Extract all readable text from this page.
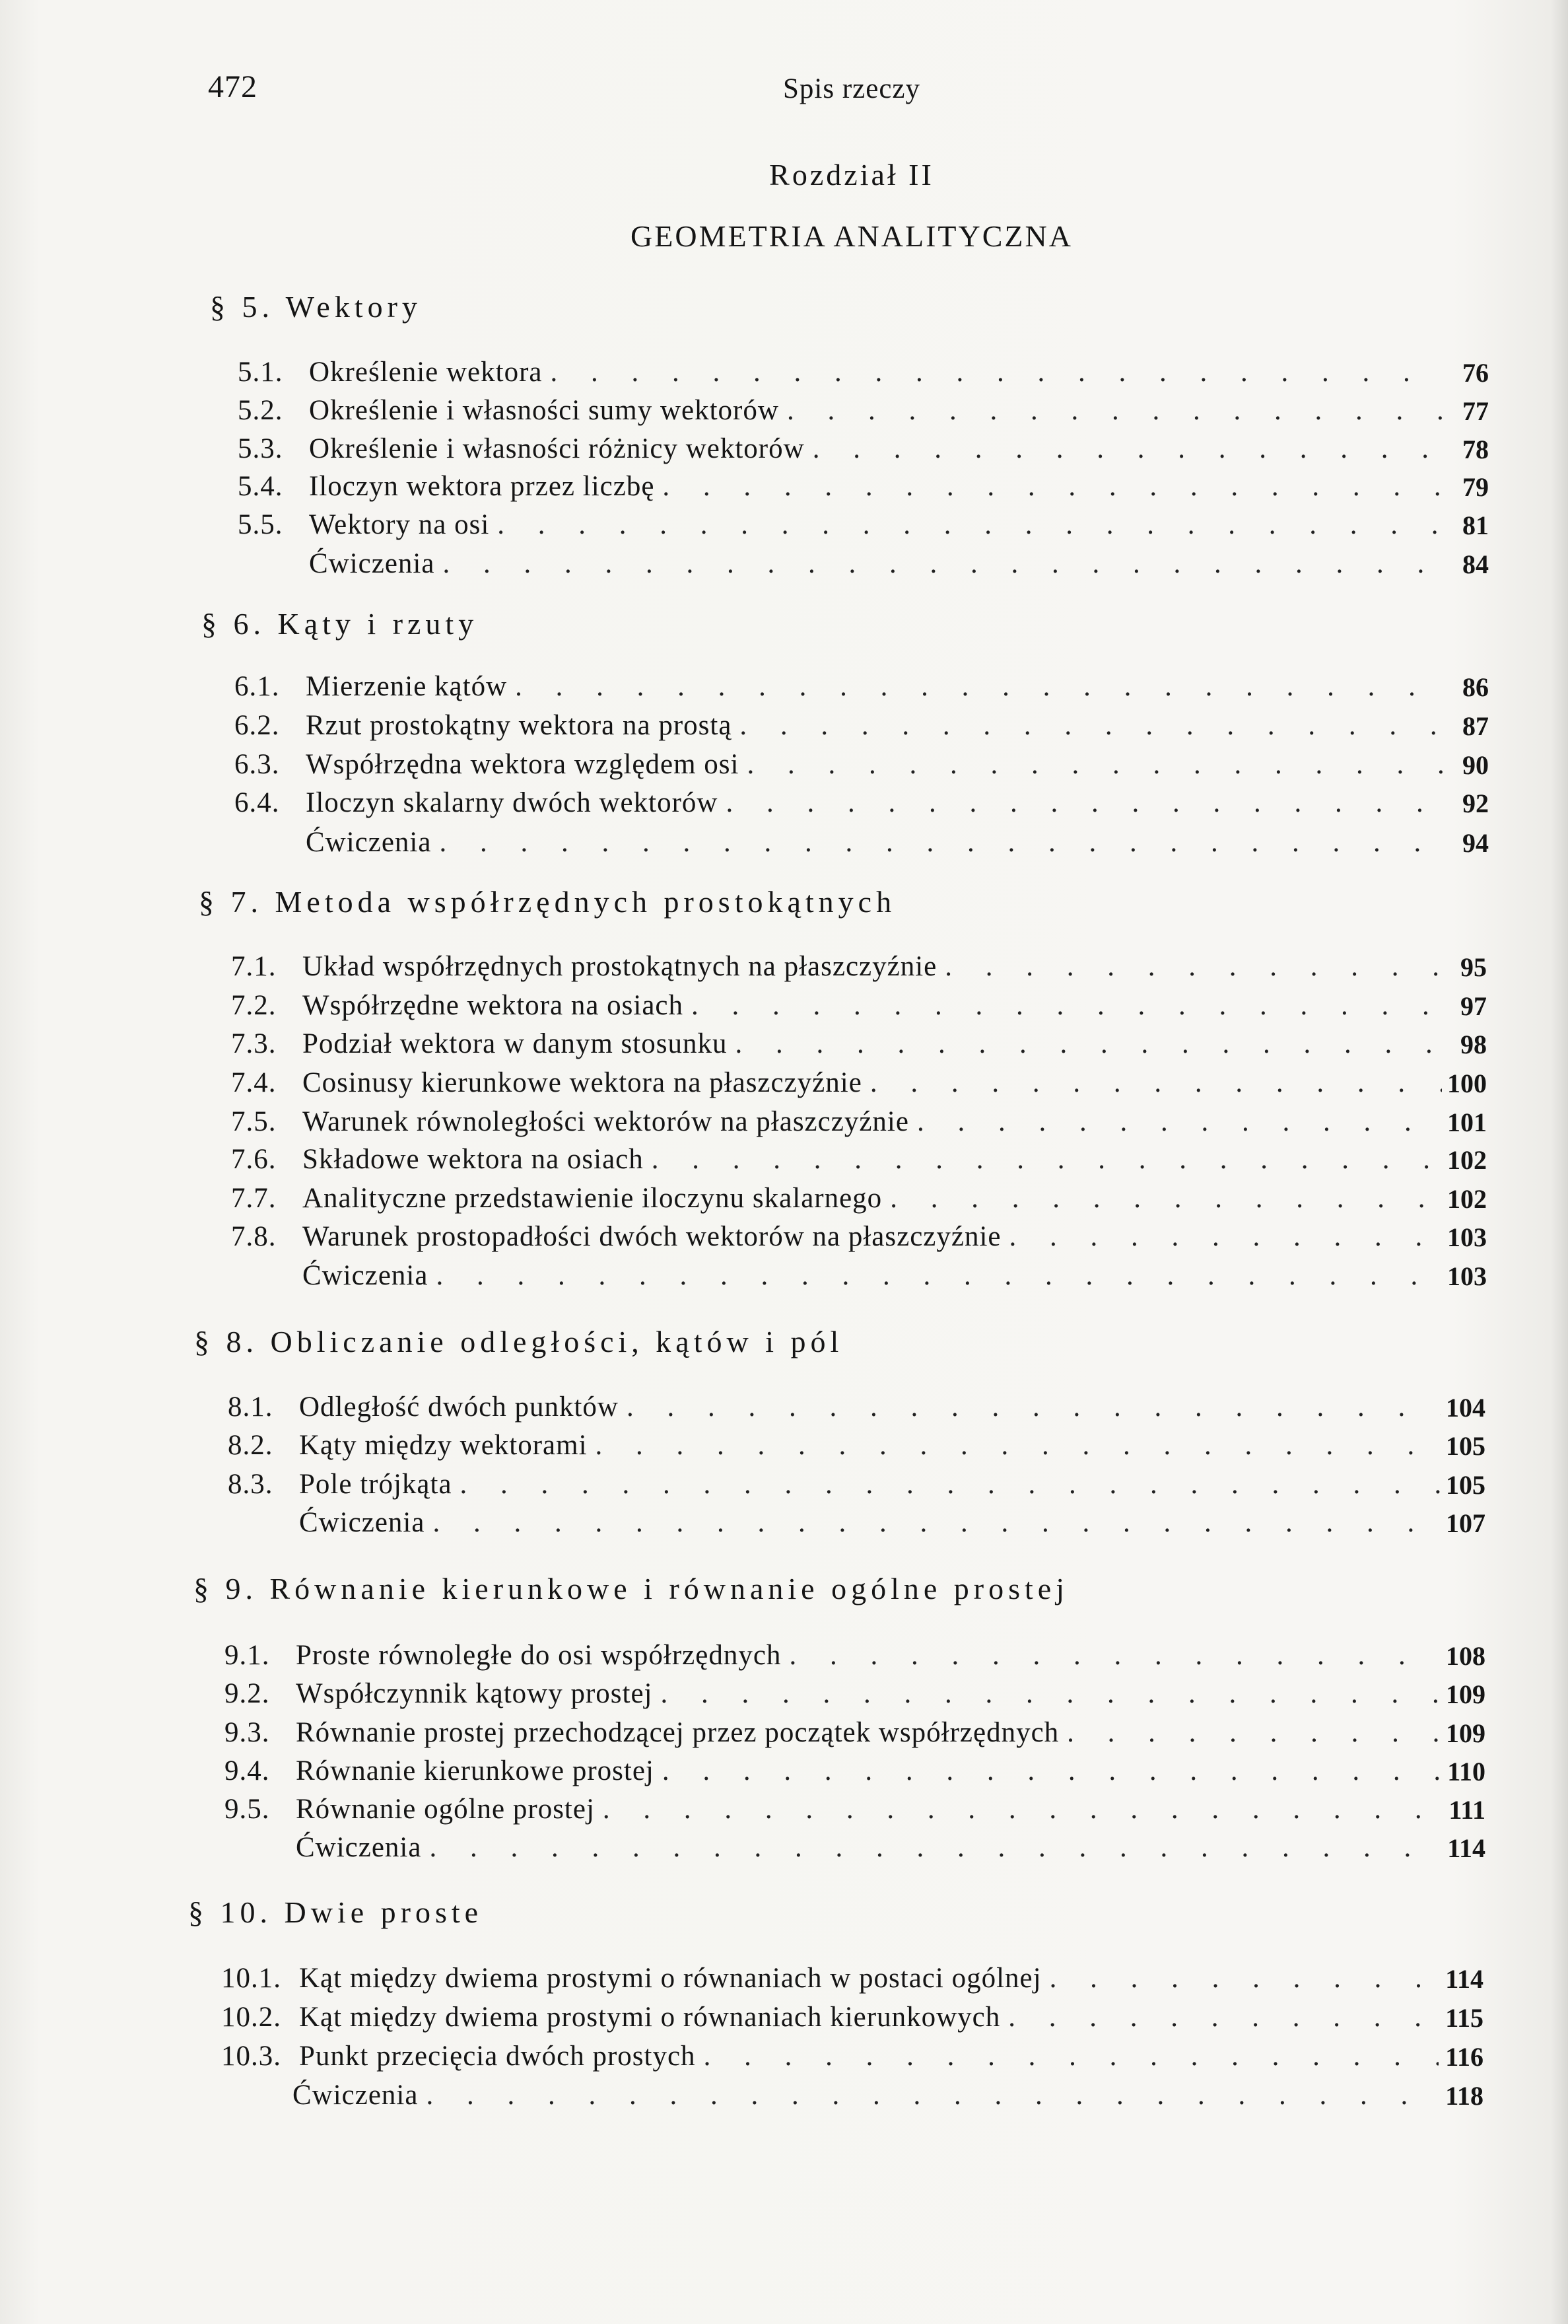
472	Spis rzeczy
Rozdział II
GEOMETRIA ANALITYCZNA
§ 5. Wektory
5.1. Określenie wektora . . .	76
5.2. Określenie i własności sumy wektorów . . .	77
5.3. Określenie i własności różnicy wektorów . . .	78
5.4. Iloczyn wektora przez liczbę . . .	79
5.5. Wektory na osi . . .	81
Ćwiczenia . . .	84
§ 6. Kąty i rzuty
6.1. Mierzenie kątów . . .	86
6.2. Rzut prostokątny wektora na prostą . . .	87
6.3. Współrzędna wektora względem osi . . .	90
6.4. Iloczyn skalarny dwóch wektorów . . .	92
Ćwiczenia . . .	94
§ 7. Metoda współrzędnych prostokątnych
7.1. Układ współrzędnych prostokątnych na płaszczyźnie . . .	95
7.2. Współrzędne wektora na osiach . . .	97
7.3. Podział wektora w danym stosunku . . .	98
7.4. Cosinusy kierunkowe wektora na płaszczyźnie . . .	100
7.5. Warunek równoległości wektorów na płaszczyźnie . . .	101
7.6. Składowe wektora na osiach . . .	102
7.7. Analityczne przedstawienie iloczynu skalarnego . . .	102
7.8. Warunek prostopadłości dwóch wektorów na płaszczyźnie . . .	103
Ćwiczenia . . .	103
§ 8. Obliczanie odległości, kątów i pól
8.1. Odległość dwóch punktów . . .	104
8.2. Kąty między wektorami . . .	105
8.3. Pole trójkąta . . .	105
Ćwiczenia . . .	107
§ 9. Równanie kierunkowe i równanie ogólne prostej
9.1. Proste równoległe do osi współrzędnych . . .	108
9.2. Współczynnik kątowy prostej . . .	109
9.3. Równanie prostej przechodzącej przez początek współrzędnych . . .	109
9.4. Równanie kierunkowe prostej . . .	110
9.5. Równanie ogólne prostej . . .	111
Ćwiczenia . . .	114
§ 10. Dwie proste
10.1. Kąt między dwiema prostymi o równaniach w postaci ogólnej . . .	114
10.2. Kąt między dwiema prostymi o równaniach kierunkowych . . .	115
10.3. Punkt przecięcia dwóch prostych . . .	116
Ćwiczenia . . .	118
